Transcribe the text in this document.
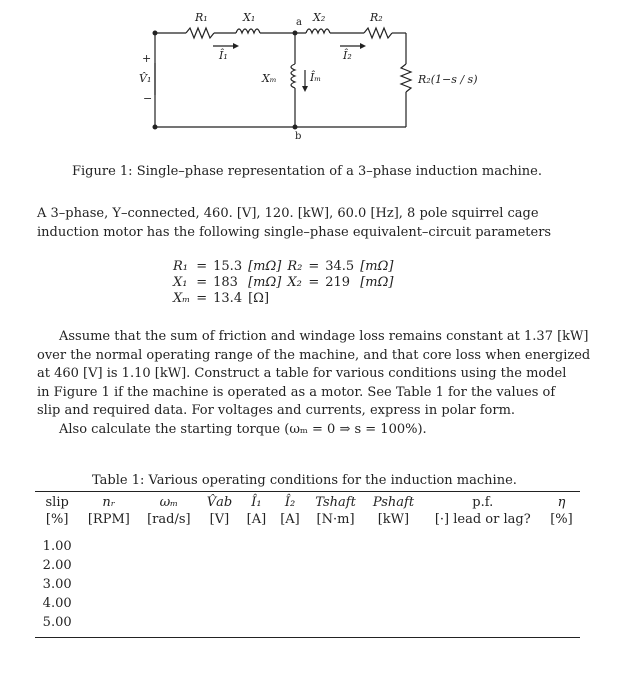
R₁	X₁	X₂	R₂
a
b
Î₁	Î₂
Îₘ
Xₘ
V̂₁
+
−
R₂(1−s / s)
Figure 1: Single–phase representation of a 3–phase induction machine.
A 3–phase, Y–connected, 460. [V], 120. [kW], 60.0 [Hz], 8 pole squirrel cage
induction motor has the following single–phase equivalent–circuit parameters
R₁	=	15.3	[mΩ]	R₂	=	34.5	[mΩ]
X₁	=	183	[mΩ]	X₂	=	219	[mΩ]
Xₘ	=	13.4	[Ω]				
Assume that the sum of friction and windage loss remains constant at 1.37 [kW]
over the normal operating range of the machine, and that core loss when energized
at 460 [V] is 1.10 [kW]. Construct a table for various conditions using the model
in Figure 1 if the machine is operated as a motor. See Table 1 for the values of
slip and required data. For voltages and currents, express in polar form.
Also calculate the starting torque (ωₘ = 0 ⇒ s = 100%).
Table 1: Various operating conditions for the induction machine.
slip	nᵣ	ωₘ	V̂ab	Î₁	Î₂	Tshaft	Pshaft	p.f.	η
[%]	[RPM]	[rad/s]	[V]	[A]	[A]	[N·m]	[kW]	[·] lead or lag?	[%]
1.00									
2.00									
3.00									
4.00									
5.00									
